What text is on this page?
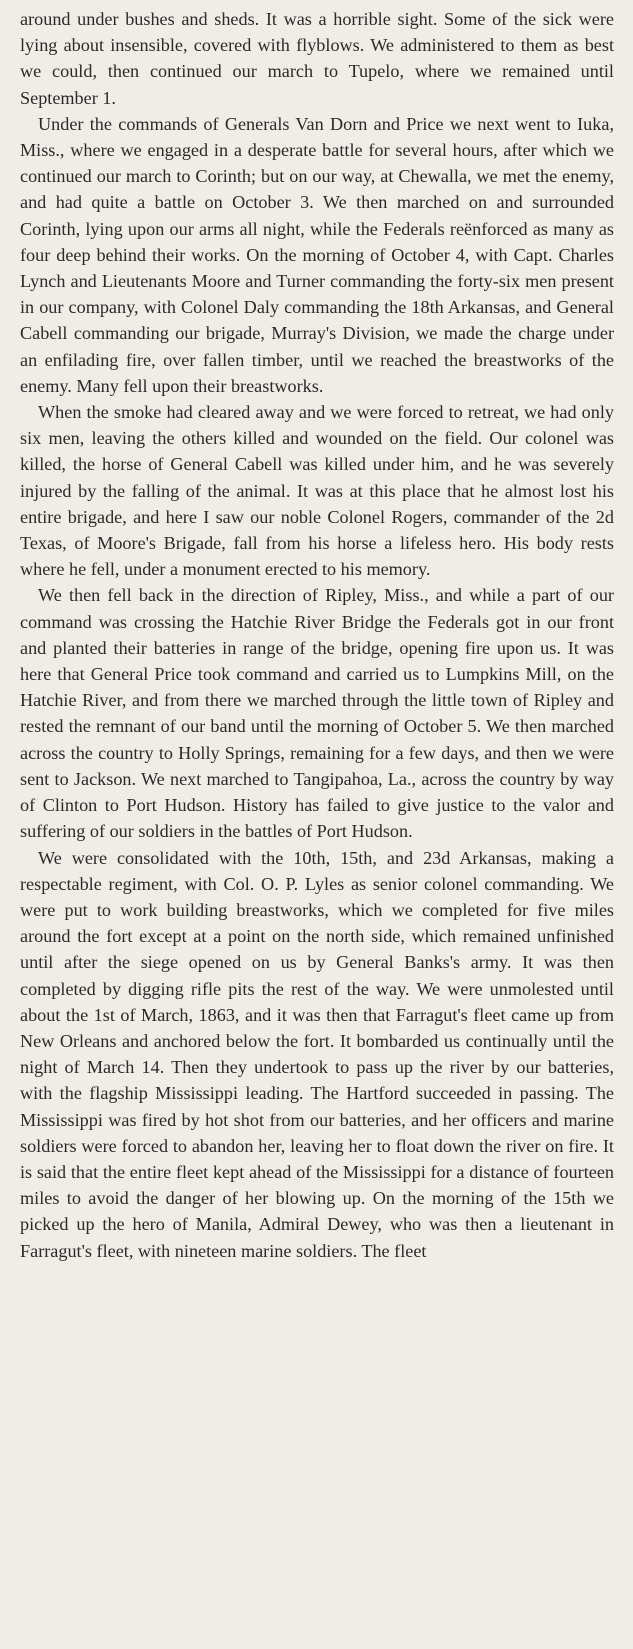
around under bushes and sheds. It was a horrible sight. Some of the sick were lying about insensible, covered with flyblows. We administered to them as best we could, then continued our march to Tupelo, where we remained until September 1.

Under the commands of Generals Van Dorn and Price we next went to Iuka, Miss., where we engaged in a desperate battle for several hours, after which we continued our march to Corinth; but on our way, at Chewalla, we met the enemy, and had quite a battle on October 3. We then marched on and surrounded Corinth, lying upon our arms all night, while the Federals reënforced as many as four deep behind their works. On the morning of October 4, with Capt. Charles Lynch and Lieutenants Moore and Turner commanding the forty-six men present in our company, with Colonel Daly commanding the 18th Arkansas, and General Cabell commanding our brigade, Murray's Division, we made the charge under an enfilading fire, over fallen timber, until we reached the breastworks of the enemy. Many fell upon their breastworks.

When the smoke had cleared away and we were forced to retreat, we had only six men, leaving the others killed and wounded on the field. Our colonel was killed, the horse of General Cabell was killed under him, and he was severely injured by the falling of the animal. It was at this place that he almost lost his entire brigade, and here I saw our noble Colonel Rogers, commander of the 2d Texas, of Moore's Brigade, fall from his horse a lifeless hero. His body rests where he fell, under a monument erected to his memory.

We then fell back in the direction of Ripley, Miss., and while a part of our command was crossing the Hatchie River Bridge the Federals got in our front and planted their batteries in range of the bridge, opening fire upon us. It was here that General Price took command and carried us to Lumpkins Mill, on the Hatchie River, and from there we marched through the little town of Ripley and rested the remnant of our band until the morning of October 5. We then marched across the country to Holly Springs, remaining for a few days, and then we were sent to Jackson. We next marched to Tangipahoa, La., across the country by way of Clinton to Port Hudson. History has failed to give justice to the valor and suffering of our soldiers in the battles of Port Hudson.

We were consolidated with the 10th, 15th, and 23d Arkansas, making a respectable regiment, with Col. O. P. Lyles as senior colonel commanding. We were put to work building breastworks, which we completed for five miles around the fort except at a point on the north side, which remained unfinished until after the siege opened on us by General Banks's army. It was then completed by digging rifle pits the rest of the way. We were unmolested until about the 1st of March, 1863, and it was then that Farragut's fleet came up from New Orleans and anchored below the fort. It bombarded us continually until the night of March 14. Then they undertook to pass up the river by our batteries, with the flagship Mississippi leading. The Hartford succeeded in passing. The Mississippi was fired by hot shot from our batteries, and her officers and marine soldiers were forced to abandon her, leaving her to float down the river on fire. It is said that the entire fleet kept ahead of the Mississippi for a distance of fourteen miles to avoid the danger of her blowing up. On the morning of the 15th we picked up the hero of Manila, Admiral Dewey, who was then a lieutenant in Farragut's fleet, with nineteen marine soldiers. The fleet
